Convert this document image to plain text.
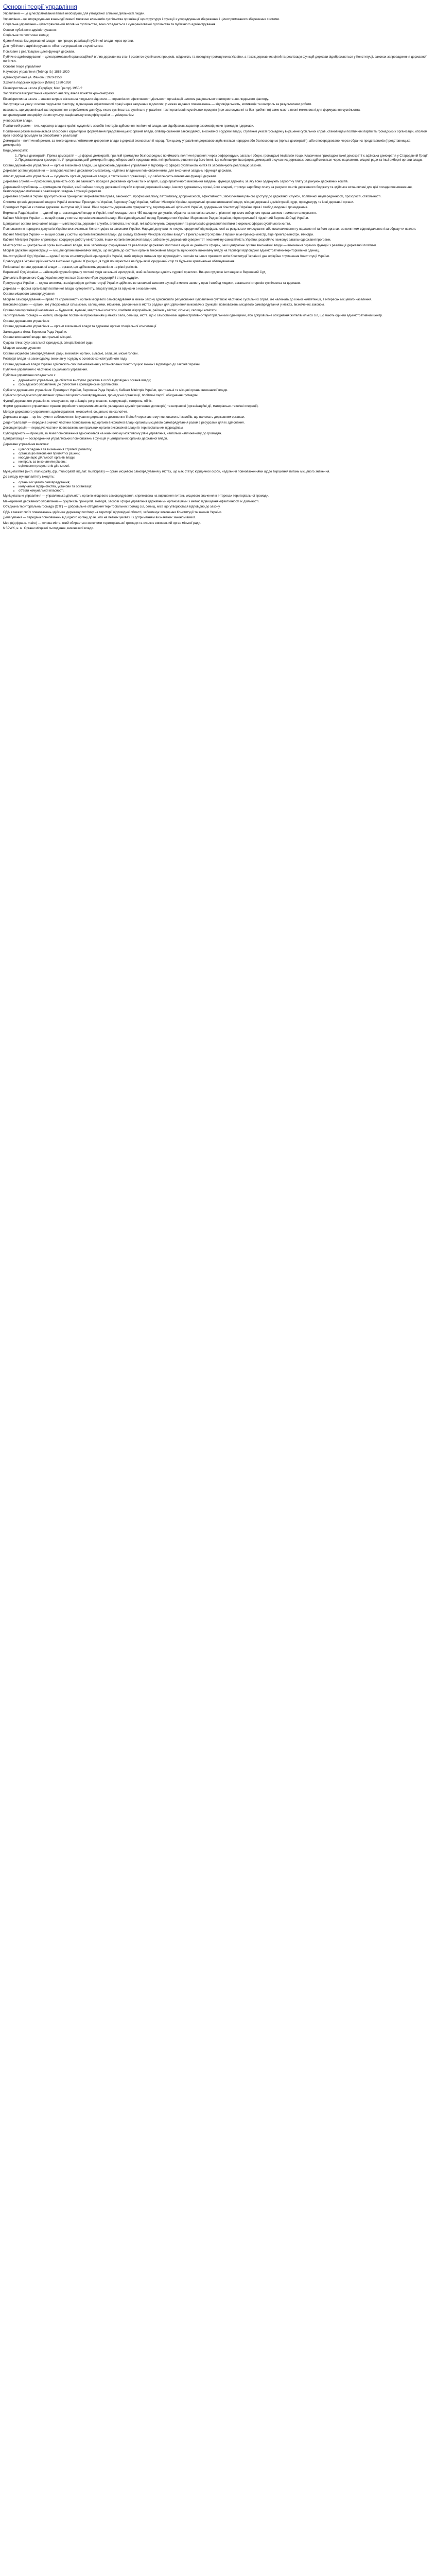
Основні теорії управління
Управління — це цілеспрямований вплив необхідний для узгодженої спільної діяльності людей.
Управління – це впорядкування взаємодії певної множини елементів суспільства організації що структурує і функції з упорядкування збереження і цілеспрямованого збереження системи.
Соціальне управління – цілеспрямований вплив на суспільство, воно складається з суверенізованої суспільства та публічного адміністрування.
Основи публічного адміністрування:
Соціальне то політичне явище;
Єдиний механізм державної влади – це процес реалізації публічної влади через органи.
Для публічного адміністрування: об'єктом управління є суспільство.
Пов'язане з реалізацією цілей функцій держави.
Публічне адміністрування – цілеспрямований організаційний вплив держави на стан і розвиток суспільних процесів, свідомість та поведінку громадянина України, а також державних цілей та реалізація функцій держави відображаються у Конституції, законах запровадження державної політики.
Основні теорії управління
Наукового управління (Тейлор Ф.) 1885-1920
Адміністративна (А. Файоль) 1920-1950
3.Школа людських відносин (Мєйо) 1930-1950
Біхевіористична школа (Герцберг, Мак Грегор) 1950-?
Заплітатися використання наукового аналізу, ввела поняття хронометражу.
Біхевіористична школа – значно ширше ніж школа людських відносин — «правління» ефективності діяльності організації шляхом раціонального використання людського фактору.
Заслуговує на увагу: основи людського фактору; підвищення ефективності праці через залучення підлеглих; у межах наданих повноважень — відповідальність, мотивація та контроль за результатами роботи.
вважають, що управлінські застосування не є проблемою для будь-якого суспільства: суспільне управління так і організація суспільних процесів (при застосуванні та без прийняття) саме мають певні можливості для формування суспільства.
не враховувати специфіку різних культур, національну специфіку країни — універсалізм
універсалізм влади.
Політичний режим – тип, характер влади в країні; сукупність засобів і методів здійснення політичної влади, що відображає характер взаємовідносин громадян і держави.
Політичний режим визначається способом і характером формування представницьких органів влади, співвідношенням законодавчої, виконавчої і судової влади, ступенем участі громадян у вирішенні суспільних справ, становищем політичних партій та громадських організацій, обсягом прав і свобод громадян та способами їх реалізації.
Демократія – політичний режим, за якого єдиним легітимним джерелом влади в державі визнається її народ. При цьому управління державою здійснюється народом або безпосередньо (пряма демократія), або опосередковано, через обраних представників (представницька демократія).
Види демократії:
1. Пряма демократія. Пряма демократія – це форма демократії, при якій громадяни безпосередньо приймають політичні рішення: через референдуми, загальні збори, громадські ініціативи тощо. Класичним прикладом такої демократії є афінська демократія у Стародавній Греції.
2. Представницька демократія. У представницькій демократії народ обирає своїх представників, які приймають рішення від його імені. Це найпоширеніша форма демократії в сучасних державах; вона здійснюється через парламент, місцеві ради та інші виборні органи влади.
Органи державного управління — органи виконавчої влади, що здійснюють державне управління у відповідних сферах суспільного життя та забезпечують реалізацію законів.
Державні органи управління — складова частина державного механізму, наділена владними повноваженнями, для виконання завдань і функцій держави.
Апарат державного управління — сукупність органів державної влади, а також інших організацій, що забезпечують виконання функцій держави.
Державна служба — професійна діяльність осіб, які займають посади в державних органах та їх апараті, щодо практичного виконання завдань і функцій держави, за яку вони одержують заробітну плату за рахунок державних коштів.
Державний службовець — громадянин України, який займає посаду державної служби в органі державної влади, іншому державному органі, його апараті, отримує заробітну плату за рахунок коштів державного бюджету та здійснює встановлені для цієї посади повноваження, безпосередньо пов'язані з реалізацією завдань і функцій держави.
Державна служба в Україні ґрунтується на принципах: верховенства права, законності, професіоналізму, патріотизму, доброчесності, ефективності, забезпечення рівного доступу до державної служби, політичної неупередженості, прозорості, стабільності.
Система органів державної влади в Україні включає: Президента України, Верховну Раду України, Кабінет Міністрів України, центральні органи виконавчої влади, місцеві державні адміністрації, суди, прокуратуру та інші державні органи.
Президент України є главою держави і виступає від її імені. Він є гарантом державного суверенітету, територіальної цілісності України, додержання Конституції України, прав і свобод людини і громадянина.
Верховна Рада України — єдиний орган законодавчої влади в Україні, який складається з 450 народних депутатів, обраних на основі загального, рівного і прямого виборчого права шляхом таємного голосування.
Кабінет Міністрів України — вищий орган у системі органів виконавчої влади. Він відповідальний перед Президентом України і Верховною Радою України, підконтрольний і підзвітний Верховній Раді України.
Центральні органи виконавчої влади — міністерства, державні служби, агентства, інспекції, які забезпечують формування та реалізацію державної політики в окремих сферах суспільного життя.
Повноваження народних депутатів України визначаються Конституцією та законами України. Народні депутати не несуть юридичної відповідальності за результати голосування або висловлювання у парламенті та його органах, за винятком відповідальності за образу чи наклеп.
Кабінет Міністрів України — вищий орган у системі органів виконавчої влади. До складу Кабінету Міністрів України входять Прем'єр-міністр України, Перший віце-прем'єр-міністр, віце-прем'єр-міністри, міністри.
Кабінет Міністрів України спрямовує і координує роботу міністерств, інших органів виконавчої влади; забезпечує державний суверенітет і економічну самостійність України; розробляє і виконує загальнодержавні програми.
Міністерство — центральний орган виконавчої влади, який забезпечує формування та реалізацію державної політики в одній чи декількох сферах, інші центральні органи виконавчої влади — виконання окремих функцій з реалізації державної політики.
Місцеві державні адміністрації — місцеві органи виконавчої влади, що входять до системи органів виконавчої влади та здійснюють виконавчу владу на території відповідної адміністративно-територіальної одиниці.
Конституційний Суд України — єдиний орган конституційної юрисдикції в Україні, який вирішує питання про відповідність законів та інших правових актів Конституції України і дає офіційне тлумачення Конституції України.
Правосуддя в Україні здійснюється виключно судами. Юрисдикція судів поширюється на будь-який юридичний спір та будь-яке кримінальне обвинувачення.
Регіональні органи державної влади — органи, що здійснюють управління на рівні регіонів.
Верховний Суд України — найвищий судовий орган у системі судів загальної юрисдикції, який забезпечує єдність судової практики. Вищою судовою інстанцією є Верховний Суд.
Діяльність Верховного Суду України регулюється Законом «Про судоустрій і статус суддів».
Прокуратура України — єдина система, яка відповідно до Конституції України здійснює встановлені законом функції з метою захисту прав і свобод людини, загальних інтересів суспільства та держави.
Держава — форма організації політичної влади, суверенітету, апарату влади та відносин з населенням.
Органи місцевого самоврядування
Місцеве самоврядування — право та спроможність органів місцевого самоврядування в межах закону здійснювати регулювання і управління суттєвою частиною суспільних справ, які належать до їхньої компетенції, в інтересах місцевого населення.
Виконавчі органи — органи, які утворюються сільськими, селищними, міськими, районними в містах радами для здійснення виконавчих функцій і повноважень місцевого самоврядування у межах, визначених законом.
Органи самоорганізації населення — будинкові, вуличні, квартальні комітети, комітети мікрорайонів, районів у містах, сільські, селищні комітети.
Територіальна громада — жителі, об'єднані постійним проживанням у межах села, селища, міста, що є самостійними адміністративно-територіальними одиницями, або добровільне об'єднання жителів кількох сіл, що мають єдиний адміністративний центр.
Органи державного управління
Органи державного управління — органи виконавчої влади та державні органи спеціальної компетенції.
Законодавча гілка: Верховна Рада України.
Органи виконавчої влади: центральні, місцеві.
Судова гілка: суди загальної юрисдикції, спеціалізовані суди.
Місцеве самоврядування
Органи місцевого самоврядування: ради, виконавчі органи, сільські, селищні, міські голови.
Розподіл влади на законодавчу, виконавчу і судову є основою конституційного ладу.
Органи державної влади України здійснюють свої повноваження у встановлених Конституцією межах і відповідно до законів України.
Публічне управління є частиною соціального управління.
Публічне управління складається з:
• державного управління, де об'єктом виступає держава в особі відповідних органів влади;
• громадського управління, де суб'єктом є громадянське суспільство.
Суб'єкти державного управління: Президент України, Верховна Рада України, Кабінет Міністрів України, центральні та місцеві органи виконавчої влади.
Суб'єкти громадського управління: органи місцевого самоврядування, громадські організації, політичні партії, об'єднання громадян.
Функції державного управління: планування, організація, регулювання, координація, контроль, облік.
Форми державного управління: правові (прийняття нормативних актів, укладення адміністративних договорів) та неправові (організаційні дії, матеріально-технічні операції).
Методи державного управління: адміністративні, економічні, соціально-психологічні.
Державна влада — це інструмент забезпечення існування держави та досягнення її цілей через систему повноважень і засобів, що належать державним органам.
Децентралізація — передача значної частини повноважень від органів виконавчої влади органам місцевого самоврядування разом з ресурсами для їх здійснення.
Деконцентрація — передача частини повноважень центральних органів виконавчої влади їх територіальним підрозділам.
Субсидіарність — принцип, за яким повноваження здійснюються на найнижчому можливому рівні управління, найбільш наближеному до громадян.
Централізація — зосередження управлінських повноважень і функцій у центральних органах державної влади.
Державне управління включає:
• цілепокладання та визначення стратегії розвитку;
• організацію виконання прийнятих рішень;
• координацію діяльності органів влади;
• контроль за виконанням рішень;
• оцінювання результатів діяльності.
Муніципалітет (англ. municipality, фр. municipalité від лат. municipalis) — орган місцевого самоврядування у містах, що має статус юридичної особи, наділений повноваженнями щодо вирішення питань місцевого значення.
До складу муніципалітету входять:
• органи місцевого самоврядування;
• комунальні підприємства, установи та організації;
• об'єкти комунальної власності.
Муніципальне управління — управлінська діяльність органів місцевого самоврядування, спрямована на вирішення питань місцевого значення в інтересах територіальної громади.
Менеджмент державного управління — сукупність принципів, методів, засобів і форм управління державними організаціями з метою підвищення ефективності їх діяльності.
Об'єднана територіальна громада (ОТГ) — добровільне об'єднання територіальних громад сіл, селищ, міст, що утворюється відповідно до закону.
ОДА в межах своїх повноважень здійснює державну політику на території відповідної області, забезпечує виконання Конституції та законів України.
Делегування — передача повноважень від одного органу до іншого на певних умовах і з дотриманням визначених законом вимог.
Мер (від франц. maire) — голова міста, який обирається жителями територіальної громади та очолює виконавчий орган міської ради.
NSPWK, н. м. Органи місцевої сьогодення, виконавчої влади.
